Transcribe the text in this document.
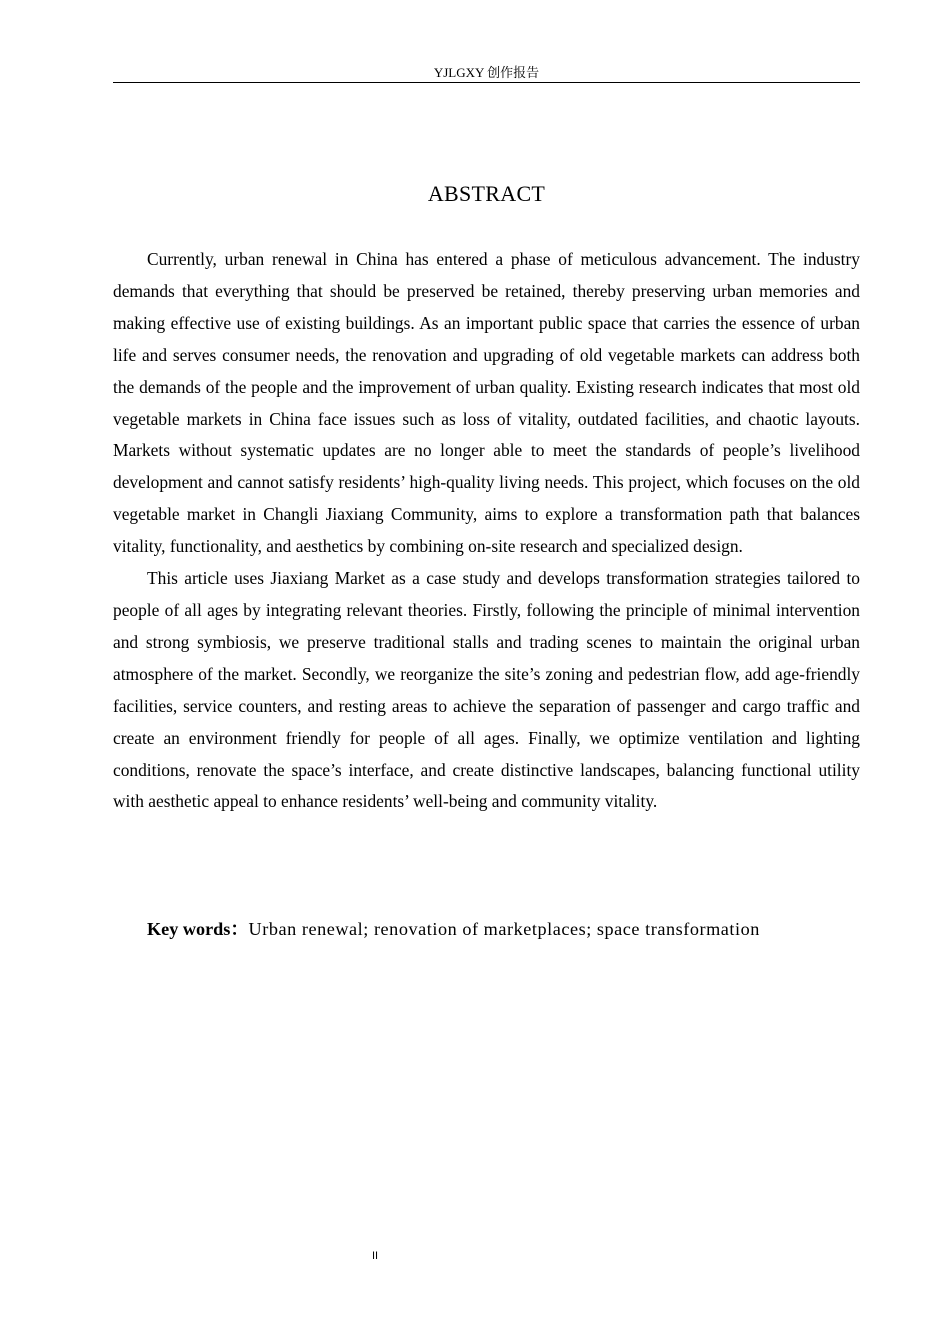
YJLGXY 创作报告
ABSTRACT

Currently, urban renewal in China has entered a phase of meticulous advancement. The industry demands that everything that should be preserved be retained, thereby preserving urban memories and making effective use of existing buildings. As an important public space that carries the essence of urban life and serves consumer needs, the renovation and upgrading of old vegetable markets can address both the demands of the people and the improvement of urban quality. Existing research indicates that most old vegetable markets in China face issues such as loss of vitality, outdated facilities, and chaotic layouts. Markets without systematic updates are no longer able to meet the standards of people’s livelihood development and cannot satisfy residents’ high-quality living needs. This project, which focuses on the old vegetable market in Changli Jiaxiang Community, aims to explore a transformation path that balances vitality, functionality, and aesthetics by combining on-site research and specialized design.

This article uses Jiaxiang Market as a case study and develops transformation strategies tailored to people of all ages by integrating relevant theories. Firstly, following the principle of minimal intervention and strong symbiosis, we preserve traditional stalls and trading scenes to maintain the original urban atmosphere of the market. Secondly, we reorganize the site’s zoning and pedestrian flow, add age-friendly facilities, service counters, and resting areas to achieve the separation of passenger and cargo traffic and create an environment friendly for people of all ages. Finally, we optimize ventilation and lighting conditions, renovate the space’s interface, and create distinctive landscapes, balancing functional utility with aesthetic appeal to enhance residents’ well-being and community vitality.

Key words：Urban renewal; renovation of marketplaces; space transformation
II
